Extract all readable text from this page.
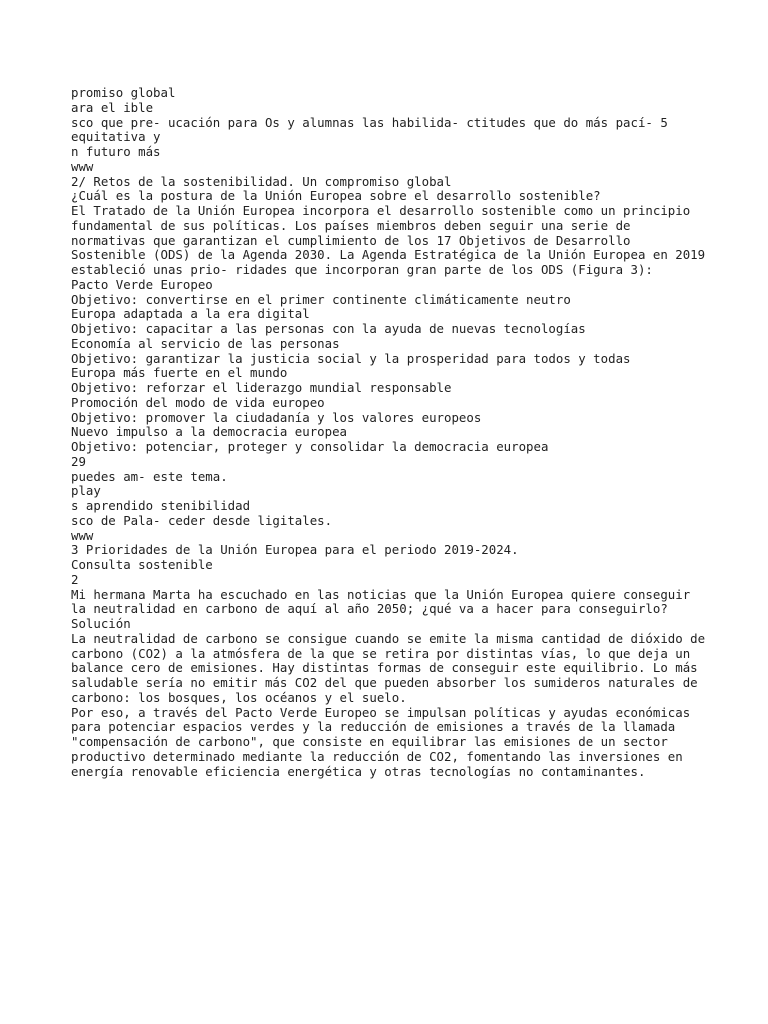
promiso global

ara el ible

sco que pre- ucación para Os y alumnas las habilida- ctitudes que do más pací- 5

equitativa y

n futuro más

www

2/ Retos de la sostenibilidad. Un compromiso global

¿Cuál es la postura de la Unión Europea sobre el desarrollo sostenible?

El Tratado de la Unión Europea incorpora el desarrollo sostenible como un principio fundamental de sus políticas. Los países miembros deben seguir una serie de normativas que garantizan el cumplimiento de los 17 Objetivos de Desarrollo Sostenible (ODS) de la Agenda 2030. La Agenda Estratégica de la Unión Europea en 2019 estableció unas prio- ridades que incorporan gran parte de los ODS (Figura 3):

Pacto Verde Europeo

Objetivo: convertirse en el primer continente climáticamente neutro

Europa adaptada a la era digital

Objetivo: capacitar a las personas con la ayuda de nuevas tecnologías

Economía al servicio de las personas

Objetivo: garantizar la justicia social y la prosperidad para todos y todas

Europa más fuerte en el mundo

Objetivo: reforzar el liderazgo mundial responsable

Promoción del modo de vida europeo

Objetivo: promover la ciudadanía y los valores europeos

Nuevo impulso a la democracia europea

Objetivo: potenciar, proteger y consolidar la democracia europea

29

puedes am- este tema.

play

s aprendido stenibilidad

sco de Pala- ceder desde ligitales.

www

3 Prioridades de la Unión Europea para el periodo 2019-2024.

Consulta sostenible

2

Mi hermana Marta ha escuchado en las noticias que la Unión Europea quiere conseguir la neutralidad en carbono de aquí al año 2050; ¿qué va a hacer para conseguirlo?

Solución

La neutralidad de carbono se consigue cuando se emite la misma cantidad de dióxido de carbono (CO2) a la atmósfera de la que se retira por distintas vías, lo que deja un balance cero de emisiones. Hay distintas formas de conseguir este equilibrio. Lo más saludable sería no emitir más CO2 del que pueden absorber los sumideros naturales de carbono: los bosques, los océanos y el suelo.

Por eso, a través del Pacto Verde Europeo se impulsan políticas y ayudas económicas para potenciar espacios verdes y la reducción de emisiones a través de la llamada "compensación de carbono", que consiste en equilibrar las emisiones de un sector productivo determinado mediante la reducción de CO2, fomentando las inversiones en energía renovable eficiencia energética y otras tecnologías no contaminantes.
